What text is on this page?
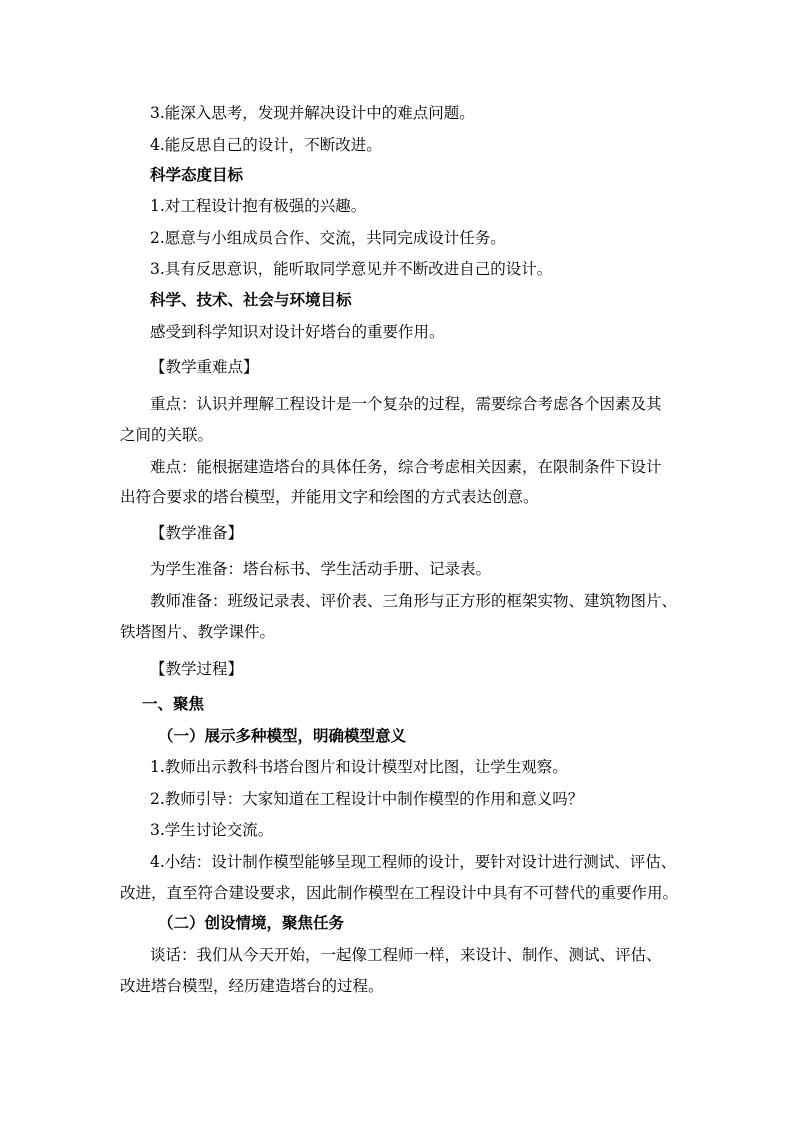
3.能深入思考，发现并解决设计中的难点问题。
4.能反思自己的设计，不断改进。
科学态度目标
1.对工程设计抱有极强的兴趣。
2.愿意与小组成员合作、交流，共同完成设计任务。
3.具有反思意识，能听取同学意见并不断改进自己的设计。
科学、技术、社会与环境目标
感受到科学知识对设计好塔台的重要作用。
【教学重难点】
重点：认识并理解工程设计是一个复杂的过程，需要综合考虑各个因素及其
之间的关联。
难点：能根据建造塔台的具体任务，综合考虑相关因素，在限制条件下设计
出符合要求的塔台模型，并能用文字和绘图的方式表达创意。
【教学准备】
为学生准备：塔台标书、学生活动手册、记录表。
教师准备：班级记录表、评价表、三角形与正方形的框架实物、建筑物图片、
铁塔图片、教学课件。
【教学过程】
一、聚焦
（一）展示多种模型，明确模型意义
1.教师出示教科书塔台图片和设计模型对比图，让学生观察。
2.教师引导：大家知道在工程设计中制作模型的作用和意义吗？
3.学生讨论交流。
4.小结：设计制作模型能够呈现工程师的设计，要针对设计进行测试、评估、
改进，直至符合建设要求，因此制作模型在工程设计中具有不可替代的重要作用。
（二）创设情境，聚焦任务
谈话：我们从今天开始，一起像工程师一样，来设计、制作、测试、评估、
改进塔台模型，经历建造塔台的过程。
